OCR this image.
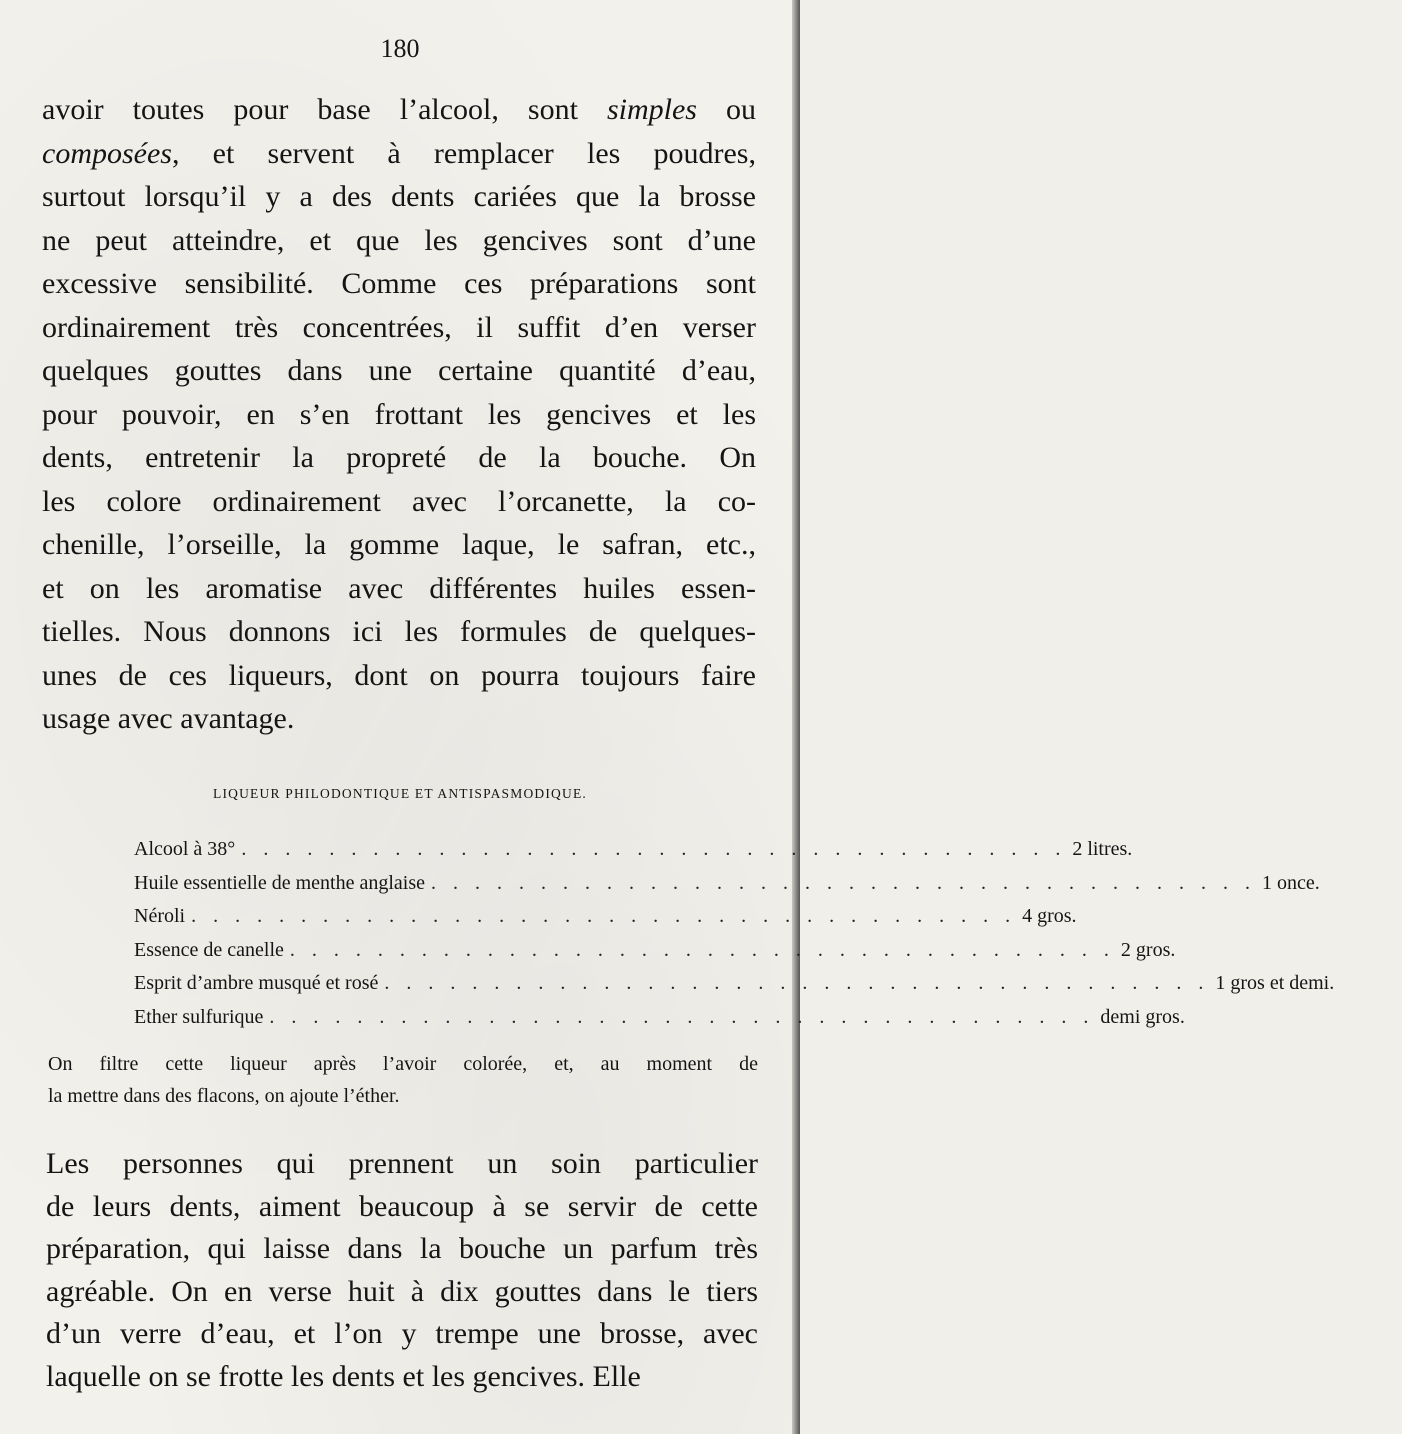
180
avoir toutes pour base l’alcool, sont simples ou
composées, et servent à remplacer les poudres,
surtout lorsqu’il y a des dents cariées que la brosse
ne peut atteindre, et que les gencives sont d’une
excessive sensibilité. Comme ces préparations sont
ordinairement très concentrées, il suffit d’en verser
quelques gouttes dans une certaine quantité d’eau,
pour pouvoir, en s’en frottant les gencives et les
dents, entretenir la propreté de la bouche. On
les colore ordinairement avec l’orcanette, la co-
chenille, l’orseille, la gomme laque, le safran, etc.,
et on les aromatise avec différentes huiles essen-
tielles. Nous donnons ici les formules de quelques-
unes de ces liqueurs, dont on pourra toujours faire
usage avec avantage.
LIQUEUR PHILODONTIQUE ET ANTISPASMODIQUE.
Alcool à 38° . . . . . . . . . . . . . . . . . . . . . . . . . . . . . . . . . . . . . . 2 litres.
Huile essentielle de menthe anglaise . . . . . . . . . . . . . . . . . . . . . . . . . . . . . . . . . . . . . . 1 once.
Néroli . . . . . . . . . . . . . . . . . . . . . . . . . . . . . . . . . . . . . . 4 gros.
Essence de canelle . . . . . . . . . . . . . . . . . . . . . . . . . . . . . . . . . . . . . . 2 gros.
Esprit d’ambre musqué et rosé . . . . . . . . . . . . . . . . . . . . . . . . . . . . . . . . . . . . . . 1 gros et demi.
Ether sulfurique . . . . . . . . . . . . . . . . . . . . . . . . . . . . . . . . . . . . . . demi gros.
On filtre cette liqueur après l’avoir colorée, et, au moment de
la mettre dans des flacons, on ajoute l’éther.
Les personnes qui prennent un soin particulier
de leurs dents, aiment beaucoup à se servir de cette
préparation, qui laisse dans la bouche un parfum très
agréable. On en verse huit à dix gouttes dans le tiers
d’un verre d’eau, et l’on y trempe une brosse, avec
laquelle on se frotte les dents et les gencives. Elle
